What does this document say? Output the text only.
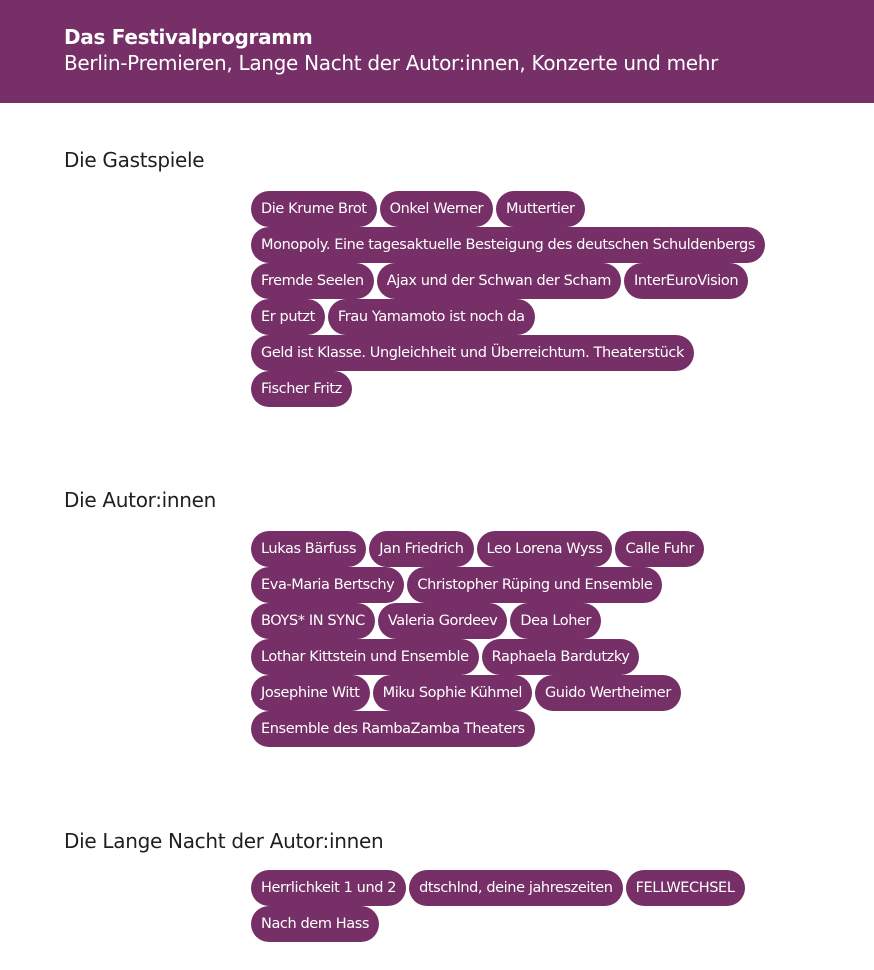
Das Festivalprogramm
Berlin-Premieren, Lange Nacht der Autor:innen, Konzerte und mehr
Die Gastspiele
Die Krume Brot	Onkel Werner	Muttertier
Monopoly. Eine tagesaktuelle Besteigung des deutschen Schuldenbergs
Fremde Seelen	Ajax und der Schwan der Scham	InterEuroVision
Er putzt	Frau Yamamoto ist noch da
Geld ist Klasse. Ungleichheit und Überreichtum. Theaterstück
Fischer Fritz
Die Autor:innen
Lukas Bärfuss	Jan Friedrich	Leo Lorena Wyss	Calle Fuhr
Eva-Maria Bertschy	Christopher Rüping und Ensemble
BOYS* IN SYNC	Valeria Gordeev	Dea Loher
Lothar Kittstein und Ensemble	Raphaela Bardutzky
Josephine Witt	Miku Sophie Kühmel	Guido Wertheimer
Ensemble des RambaZamba Theaters
Die Lange Nacht der Autor:innen
Herrlichkeit 1 und 2	dtschlnd, deine jahreszeiten	FELLWECHSEL
Nach dem Hass
